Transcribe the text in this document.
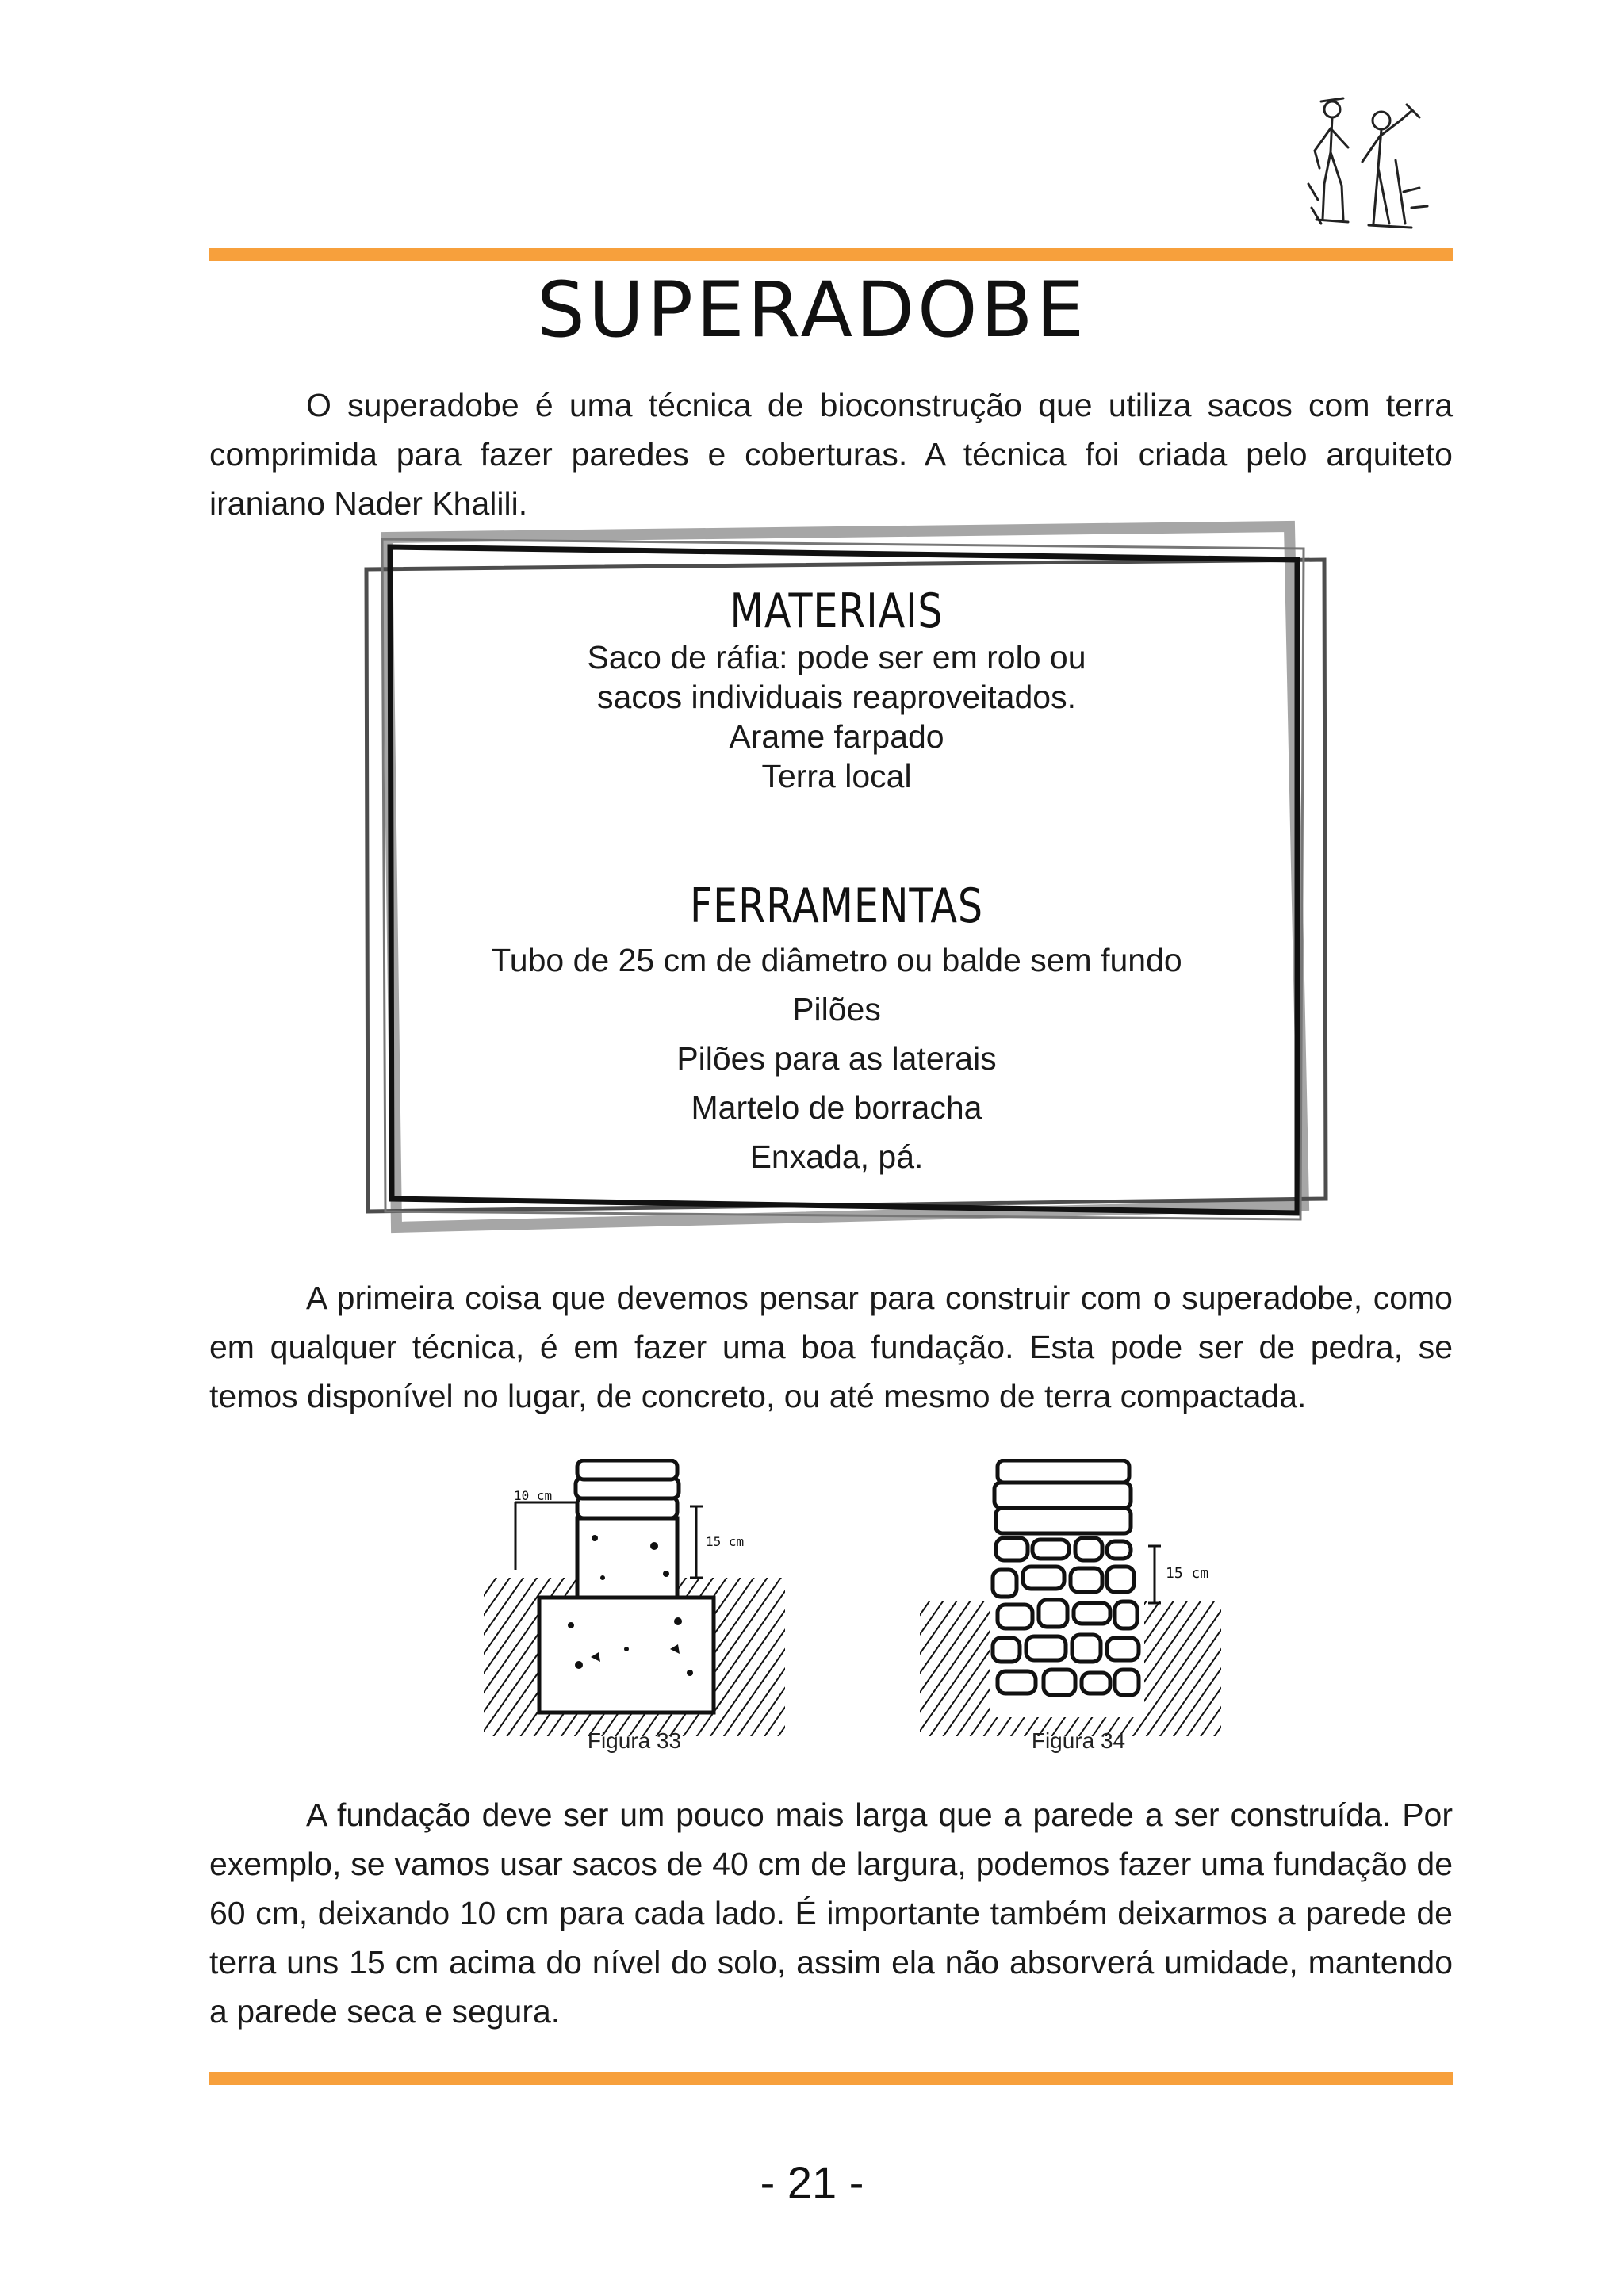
SUPERADOBE

O superadobe é uma técnica de bioconstrução que utiliza sacos com terra comprimida para fazer paredes e coberturas. A técnica foi criada pelo arquiteto iraniano Nader Khalili.

MATERIAIS
Saco de ráfia: pode ser em rolo ou
sacos individuais reaproveitados.
Arame farpado
Terra local
FERRAMENTAS
Tubo de 25 cm de diâmetro ou balde sem fundo
Pilões
Pilões para as laterais
Martelo de borracha
Enxada, pá.

A primeira coisa que devemos pensar para construir com o superadobe, como em qualquer técnica, é em fazer uma boa fundação. Esta pode ser de pedra, se temos disponível no lugar, de concreto, ou até mesmo de terra compactada.

10 cm
15 cm
Figura 33
15 cm
Figura 34

A fundação deve ser um pouco mais larga que a parede a ser construída. Por exemplo, se vamos usar sacos de 40 cm de largura, podemos fazer uma fundação de 60 cm, deixando 10 cm para cada lado. É importante também deixarmos a parede de terra uns 15 cm acima do nível do solo, assim ela não absorverá umidade, mantendo a parede seca e segura.

- 21 -
